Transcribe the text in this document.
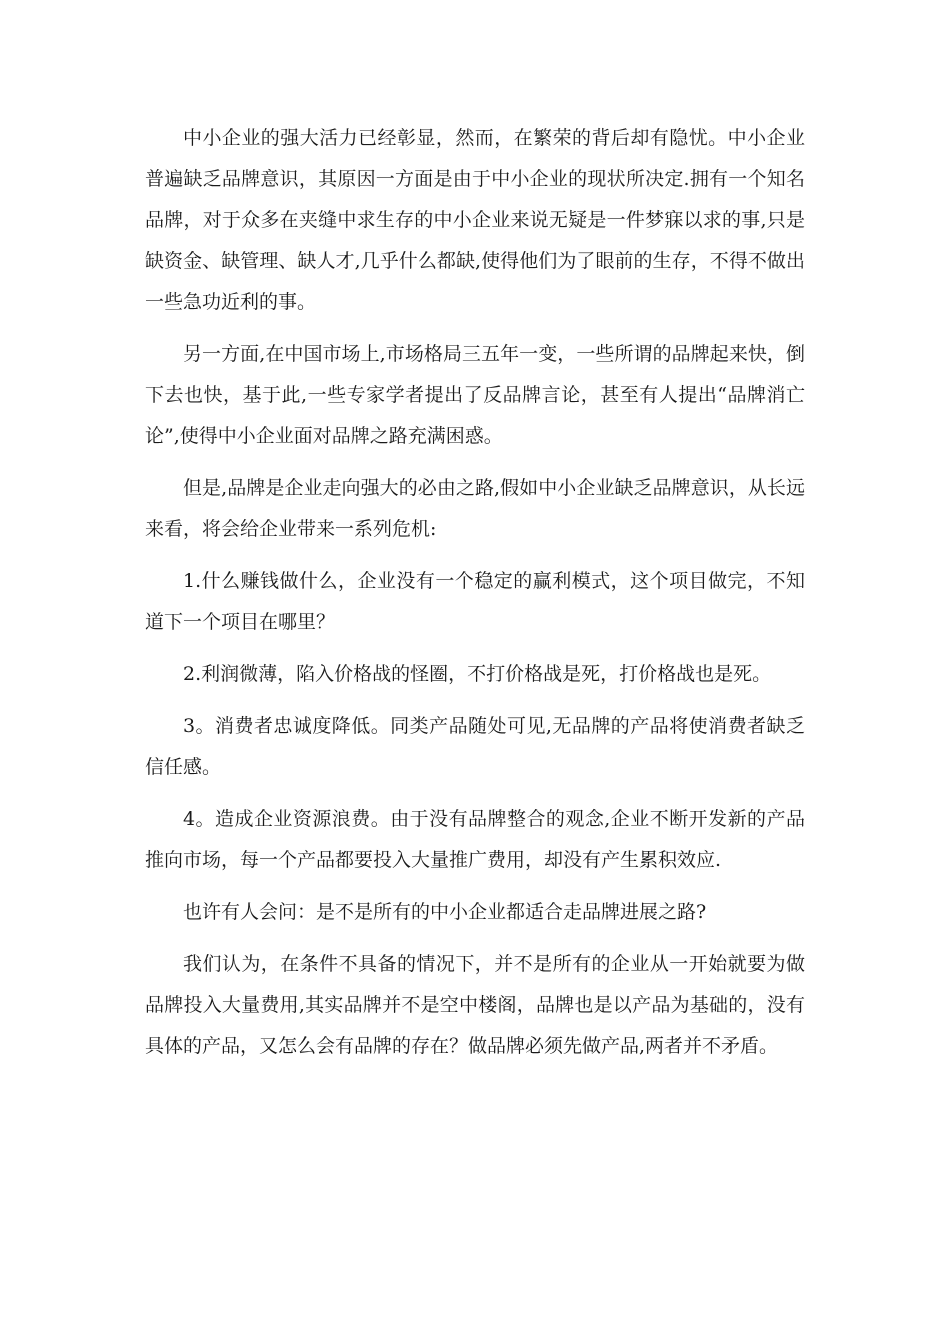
中小企业的强大活力已经彰显，然而，在繁荣的背后却有隐忧。中小企业普遍缺乏品牌意识，其原因一方面是由于中小企业的现状所决定.拥有一个知名品牌，对于众多在夹缝中求生存的中小企业来说无疑是一件梦寐以求的事,只是缺资金、缺管理、缺人才,几乎什么都缺,使得他们为了眼前的生存，不得不做出一些急功近利的事。

另一方面,在中国市场上,市场格局三五年一变，一些所谓的品牌起来快，倒下去也快，基于此,一些专家学者提出了反品牌言论，甚至有人提出“品牌消亡论”,使得中小企业面对品牌之路充满困惑。

但是,品牌是企业走向强大的必由之路,假如中小企业缺乏品牌意识，从长远来看，将会给企业带来一系列危机:

1.什么赚钱做什么，企业没有一个稳定的赢利模式，这个项目做完，不知道下一个项目在哪里？

2.利润微薄，陷入价格战的怪圈，不打价格战是死，打价格战也是死。

3。消费者忠诚度降低。同类产品随处可见,无品牌的产品将使消费者缺乏信任感。

4。造成企业资源浪费。由于没有品牌整合的观念,企业不断开发新的产品推向市场，每一个产品都要投入大量推广费用，却没有产生累积效应.

也许有人会问：是不是所有的中小企业都适合走品牌进展之路?

我们认为，在条件不具备的情况下，并不是所有的企业从一开始就要为做品牌投入大量费用,其实品牌并不是空中楼阁，品牌也是以产品为基础的，没有具体的产品，又怎么会有品牌的存在？做品牌必须先做产品,两者并不矛盾。
